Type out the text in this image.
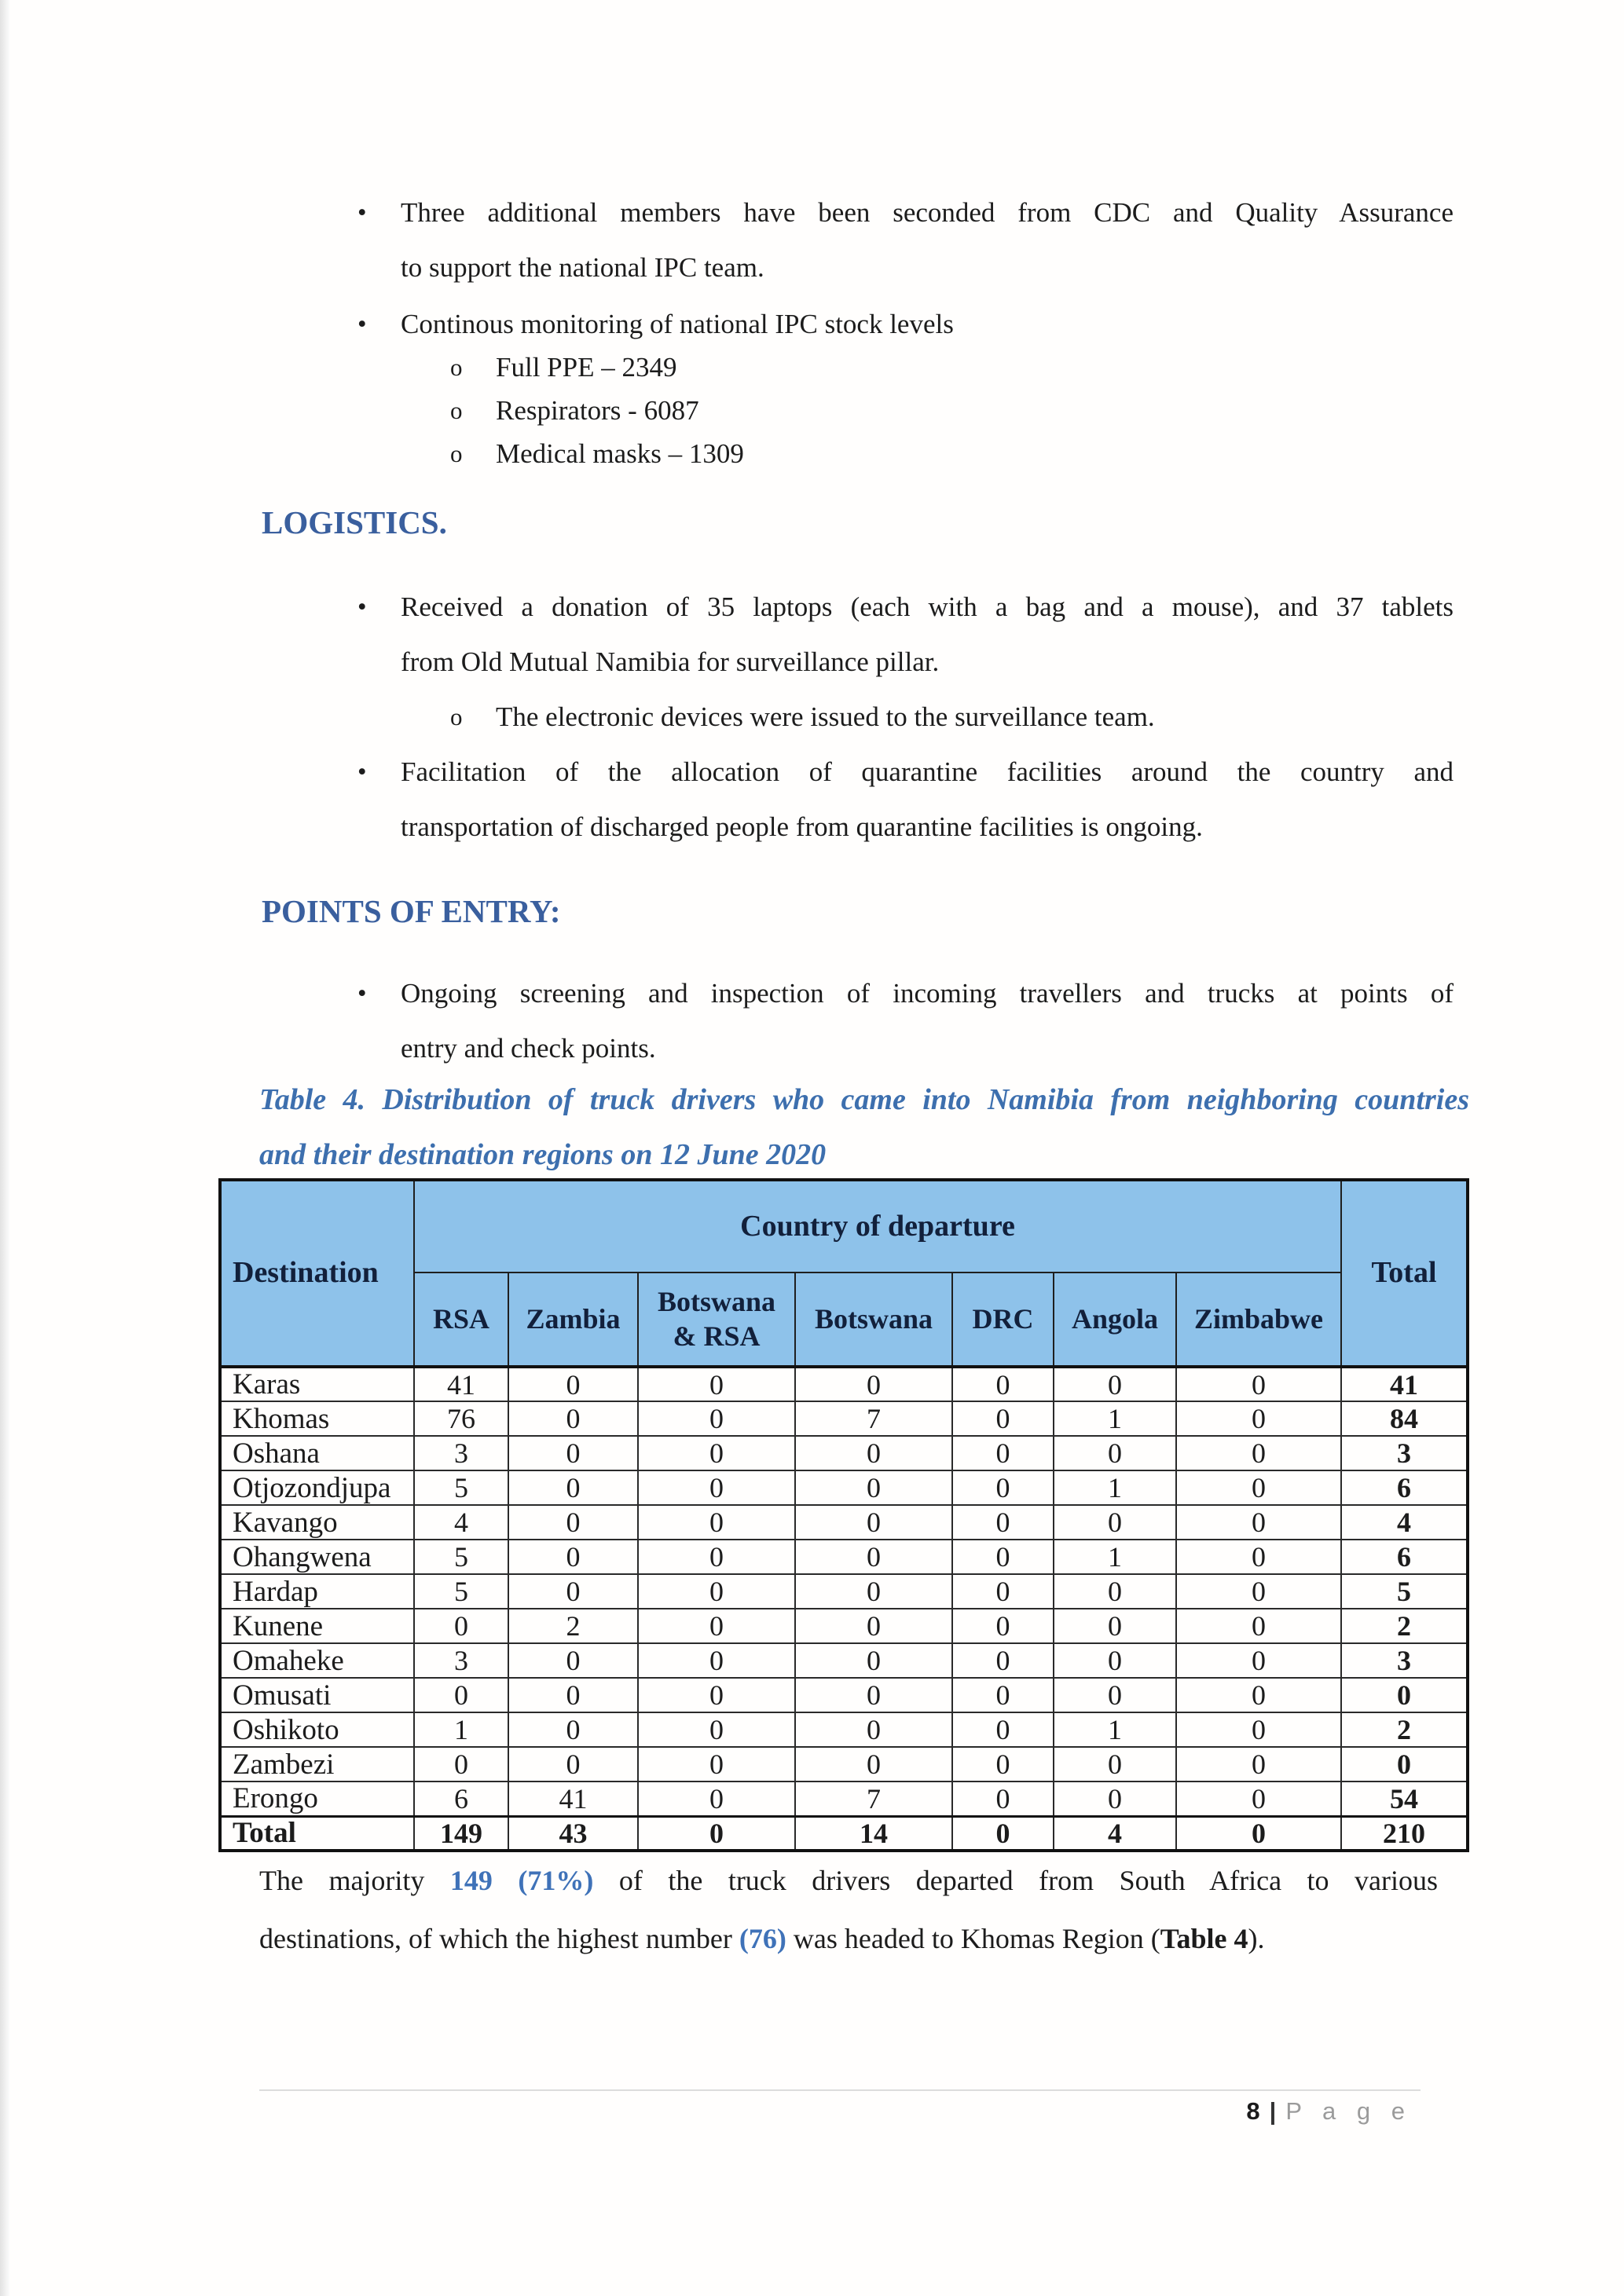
•	Three additional members have been seconded from CDC and Quality Assurance
to support the national IPC team.
•	Continous monitoring of national IPC stock levels
o	Full PPE – 2349
o	Respirators - 6087
o	Medical masks – 1309
LOGISTICS.
•	Received a donation of 35 laptops (each with a bag and a mouse), and 37 tablets
from Old Mutual Namibia for surveillance pillar.
o	The electronic devices were issued to the surveillance team.
•	Facilitation of the allocation of quarantine facilities around the country and
transportation of discharged people from quarantine facilities is ongoing.
POINTS OF ENTRY:
•	Ongoing screening and inspection of incoming travellers and trucks at points of
entry and check points.
Table 4. Distribution of truck drivers who came into Namibia from neighboring countries
and their destination regions on 12 June 2020
Destination	Country of departure							Total
	RSA	Zambia	Botswana & RSA	Botswana	DRC	Angola	Zimbabwe	
Karas	41	0	0	0	0	0	0	41
Khomas	76	0	0	7	0	1	0	84
Oshana	3	0	0	0	0	0	0	3
Otjozondjupa	5	0	0	0	0	1	0	6
Kavango	4	0	0	0	0	0	0	4
Ohangwena	5	0	0	0	0	1	0	6
Hardap	5	0	0	0	0	0	0	5
Kunene	0	2	0	0	0	0	0	2
Omaheke	3	0	0	0	0	0	0	3
Omusati	0	0	0	0	0	0	0	0
Oshikoto	1	0	0	0	0	1	0	2
Zambezi	0	0	0	0	0	0	0	0
Erongo	6	41	0	7	0	0	0	54
Total	149	43	0	14	0	4	0	210
The majority 149 (71%) of the truck drivers departed from South Africa to various
destinations, of which the highest number (76) was headed to Khomas Region (Table 4).
8 | P a g e
